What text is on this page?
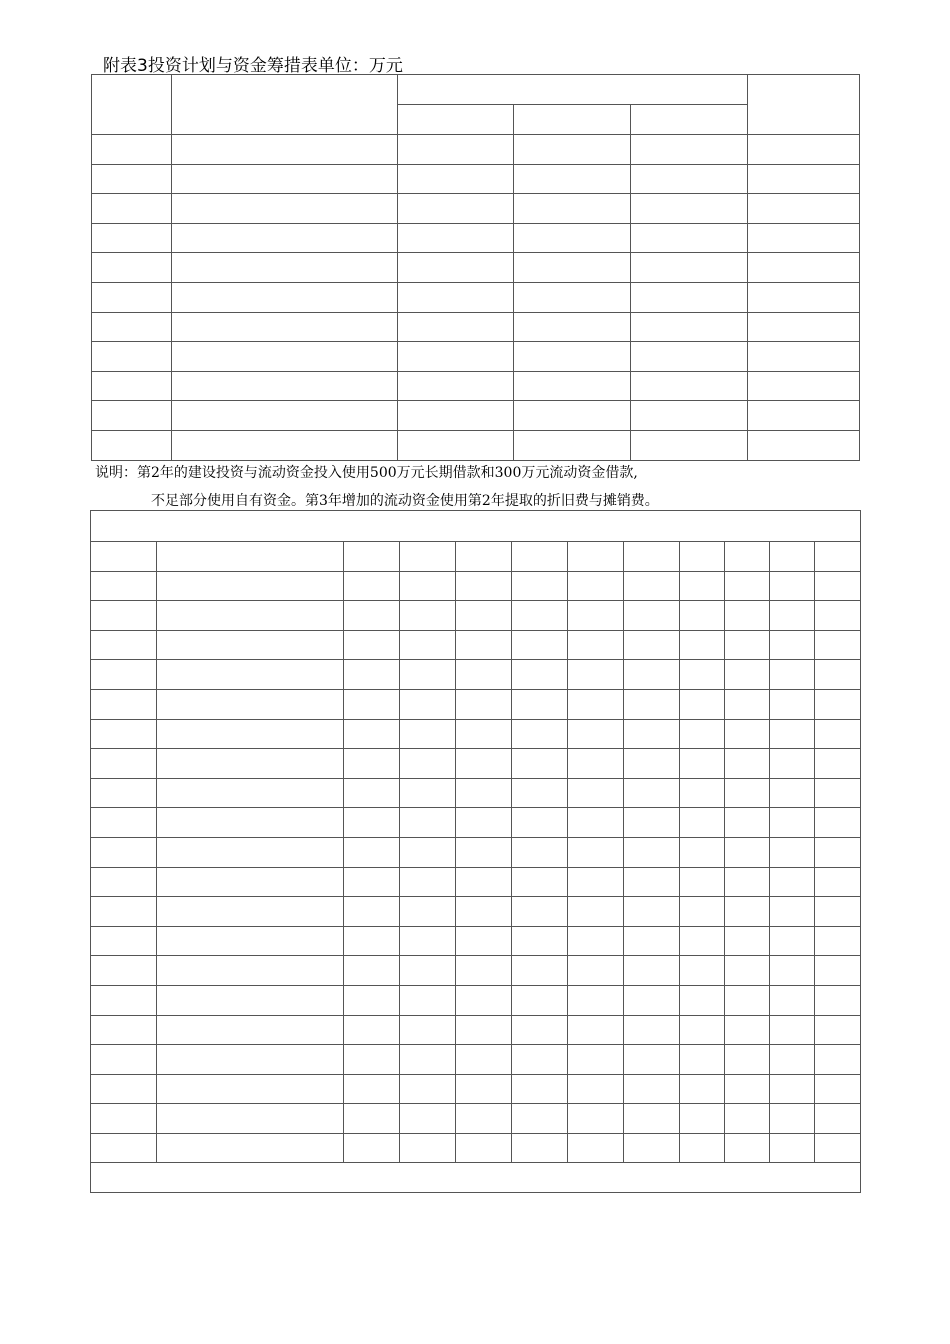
附表3投资计划与资金筹措表单位：万元

说明：第2年的建设投资与流动资金投入使用500万元长期借款和300万元流动资金借款,
不足部分使用自有资金。第3年增加的流动资金使用第2年提取的折旧费与摊销费。
